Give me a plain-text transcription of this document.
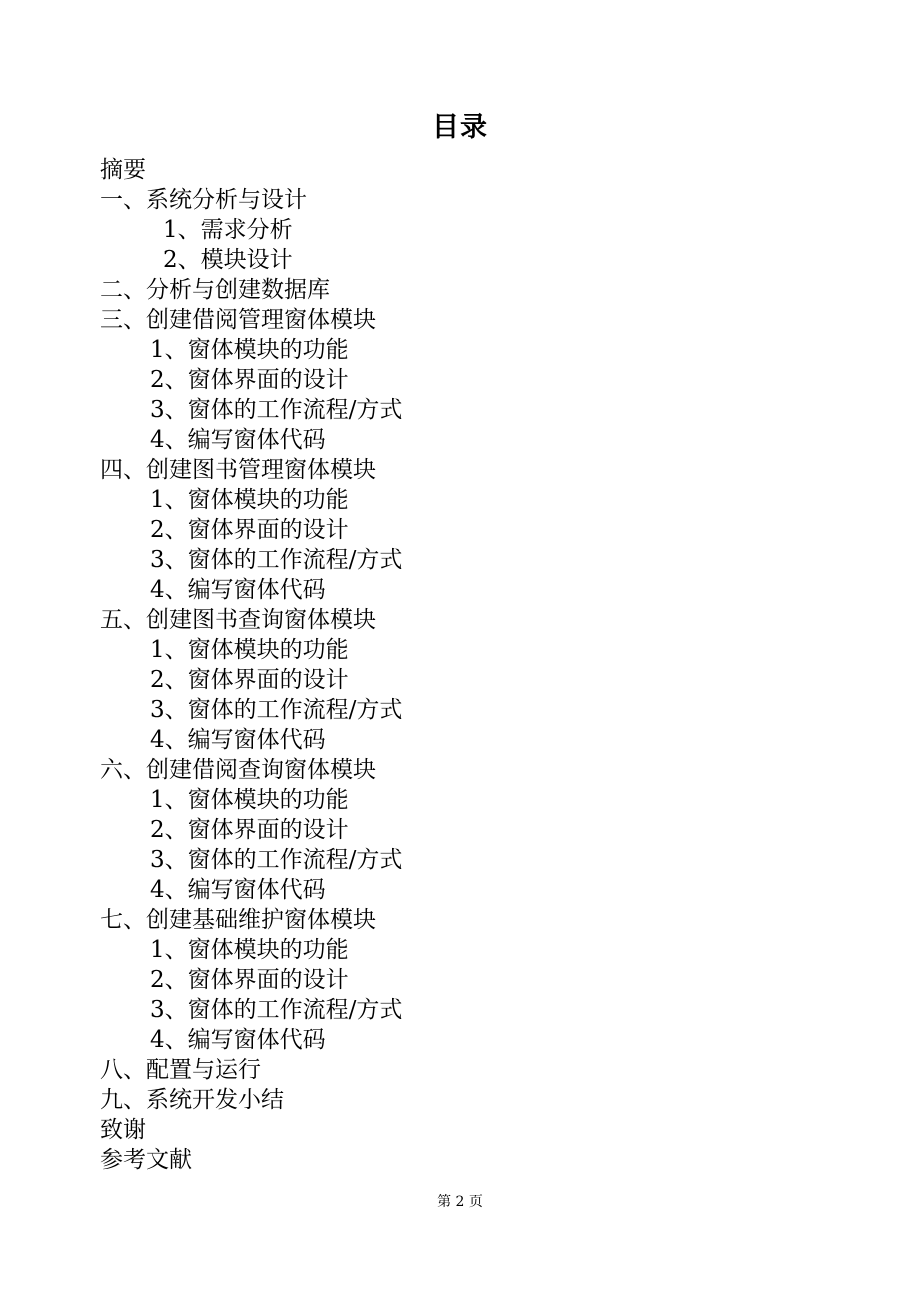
目录
摘要
一、系统分析与设计
1、需求分析
2、模块设计
二、分析与创建数据库
三、创建借阅管理窗体模块
1、窗体模块的功能
2、窗体界面的设计
3、窗体的工作流程/方式
4、编写窗体代码
四、创建图书管理窗体模块
1、窗体模块的功能
2、窗体界面的设计
3、窗体的工作流程/方式
4、编写窗体代码
五、创建图书查询窗体模块
1、窗体模块的功能
2、窗体界面的设计
3、窗体的工作流程/方式
4、编写窗体代码
六、创建借阅查询窗体模块
1、窗体模块的功能
2、窗体界面的设计
3、窗体的工作流程/方式
4、编写窗体代码
七、创建基础维护窗体模块
1、窗体模块的功能
2、窗体界面的设计
3、窗体的工作流程/方式
4、编写窗体代码
八、配置与运行
九、系统开发小结
致谢
参考文献
第 2 页
